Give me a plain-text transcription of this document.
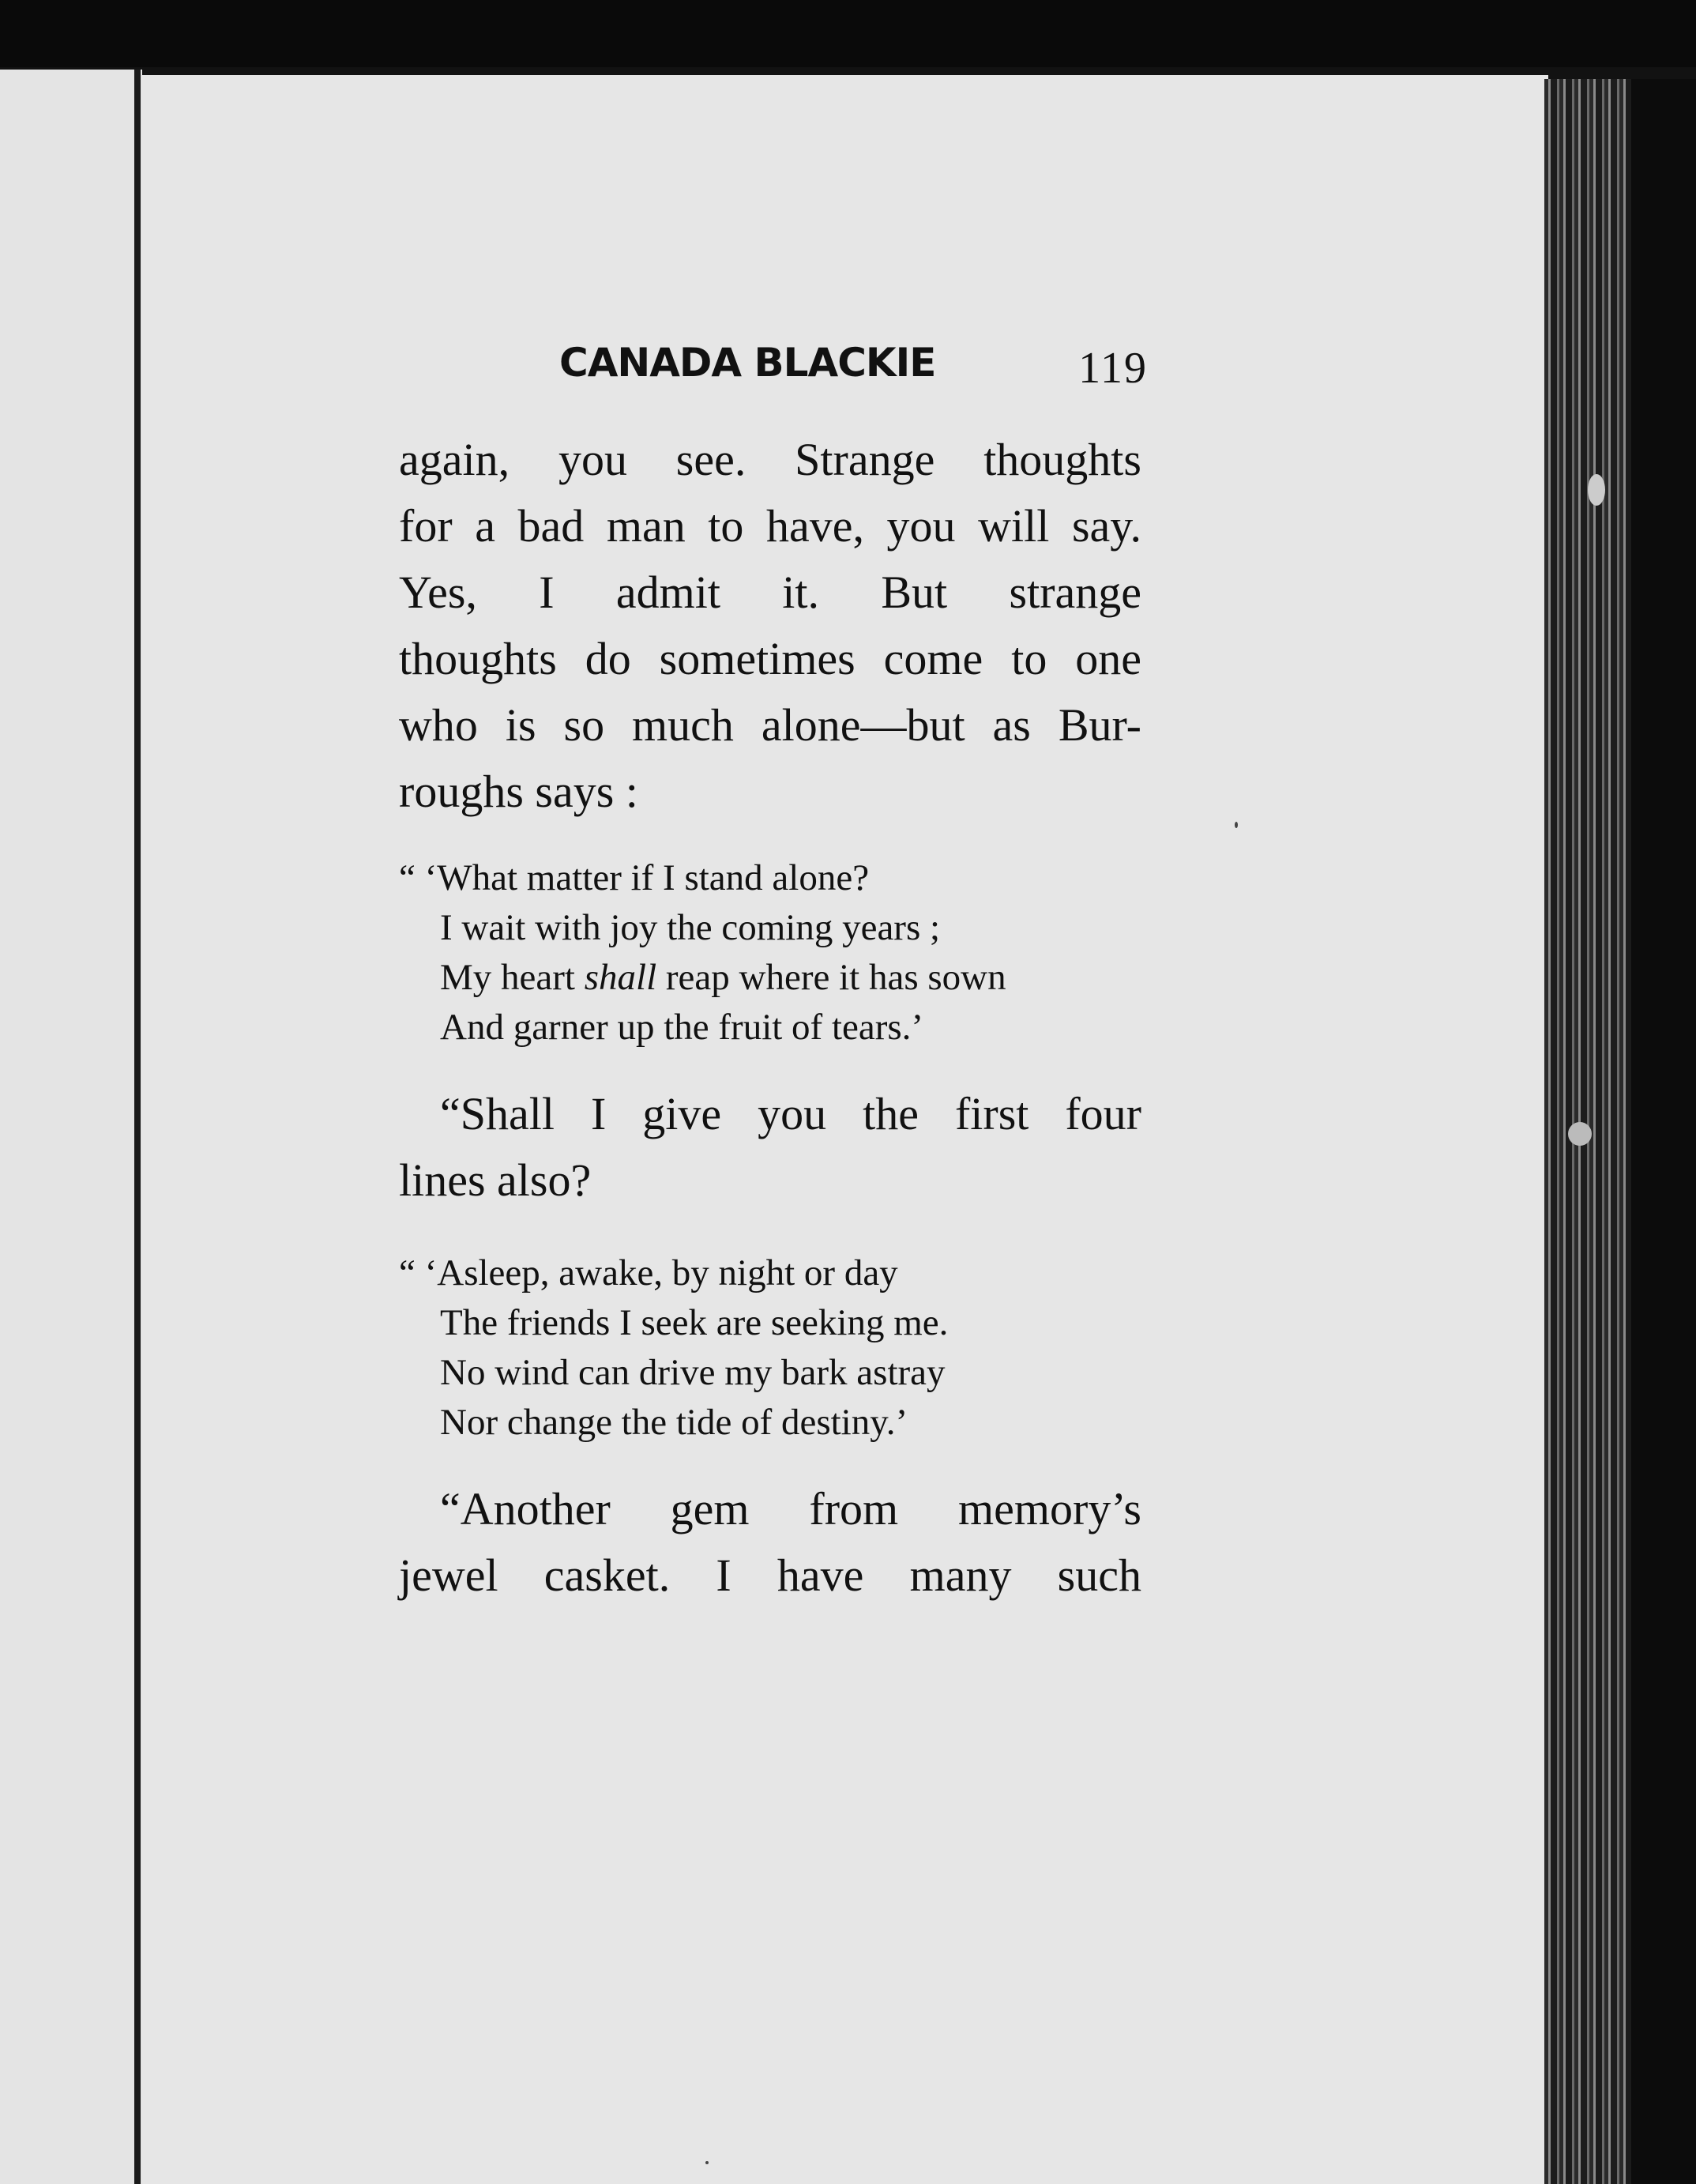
CANADA BLACKIE	119
again, you see. Strange thoughts
for a bad man to have, you will say.
Yes, I admit it. But strange
thoughts do sometimes come to one
who is so much alone—but as Bur-
roughs says :
“ ‘What matter if I stand alone?
I wait with joy the coming years ;
My heart shall reap where it has sown
And garner up the fruit of tears.’
“Shall I give you the first four
lines also?
“ ‘Asleep, awake, by night or day
The friends I seek are seeking me.
No wind can drive my bark astray
Nor change the tide of destiny.’
“Another gem from memory’s
jewel casket. I have many such
